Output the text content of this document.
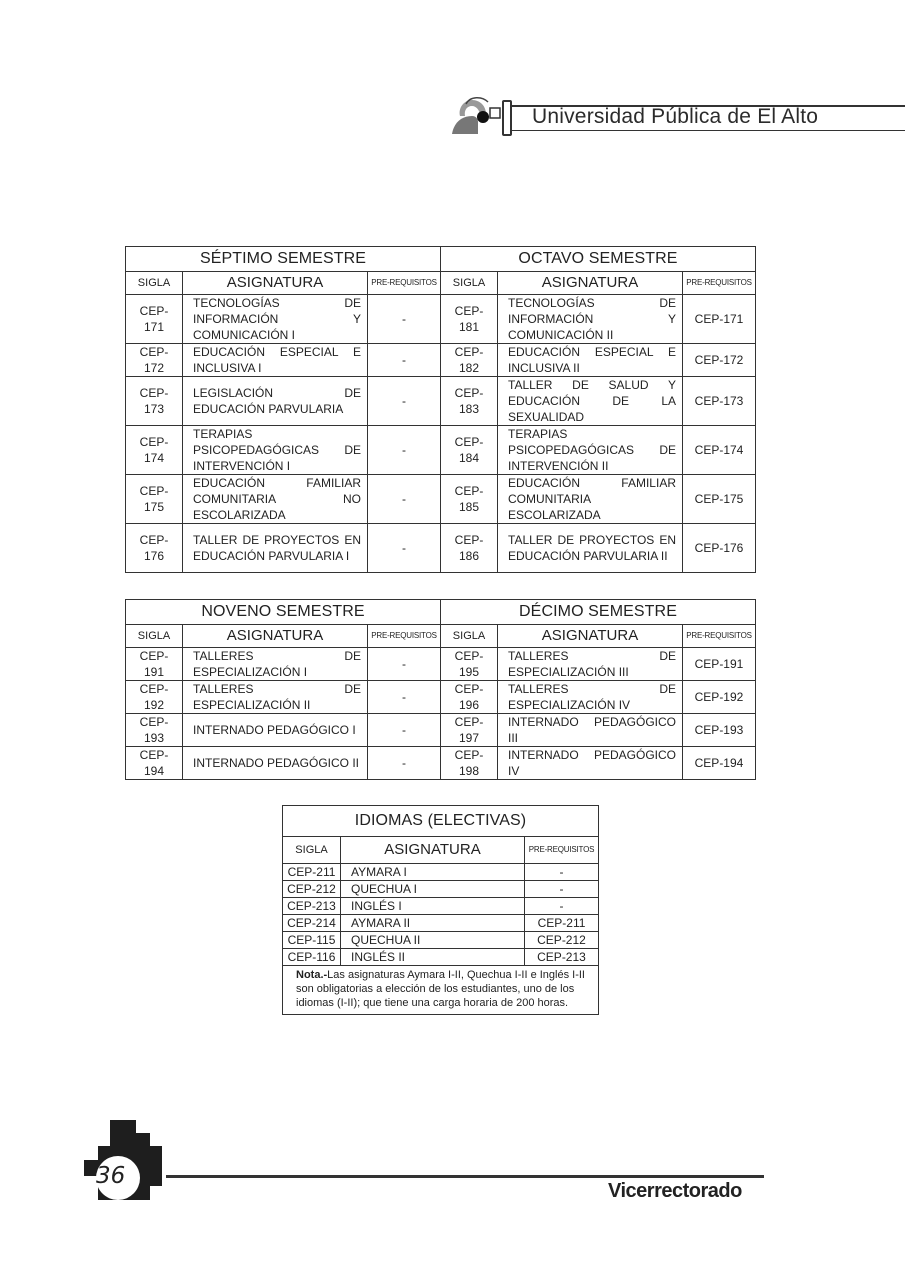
Universidad Pública de El Alto
SÉPTIMO SEMESTRE			OCTAVO SEMESTRE		
SIGLA	ASIGNATURA	PRE-REQUISITOS	SIGLA	ASIGNATURA	PRE-REQUISITOS
CEP-171	TECNOLOGÍAS DE INFORMACIÓN Y COMUNICACIÓN I	-	CEP-181	TECNOLOGÍAS DE INFORMACIÓN Y COMUNICACIÓN II	CEP-171
CEP-172	EDUCACIÓN ESPECIAL E INCLUSIVA I	-	CEP-182	EDUCACIÓN ESPECIAL E INCLUSIVA II	CEP-172
CEP-173	LEGISLACIÓN DE EDUCACIÓN PARVULARIA	-	CEP-183	TALLER DE SALUD Y EDUCACIÓN DE LA SEXUALIDAD	CEP-173
CEP-174	TERAPIAS PSICOPEDAGÓGICAS DE INTERVENCIÓN I	-	CEP-184	TERAPIAS PSICOPEDAGÓGICAS DE INTERVENCIÓN II	CEP-174
CEP-175	EDUCACIÓN FAMILIAR COMUNITARIA NO ESCOLARIZADA	-	CEP-185	EDUCACIÓN FAMILIAR COMUNITARIA ESCOLARIZADA	CEP-175
CEP-176	TALLER DE PROYECTOS EN EDUCACIÓN PARVULARIA I	-	CEP-186	TALLER DE PROYECTOS EN EDUCACIÓN PARVULARIA II	CEP-176
NOVENO SEMESTRE			DÉCIMO SEMESTRE		
SIGLA	ASIGNATURA	PRE-REQUISITOS	SIGLA	ASIGNATURA	PRE-REQUISITOS
CEP-191	TALLERES DE ESPECIALIZACIÓN I	-	CEP-195	TALLERES DE ESPECIALIZACIÓN III	CEP-191
CEP-192	TALLERES DE ESPECIALIZACIÓN II	-	CEP-196	TALLERES DE ESPECIALIZACIÓN IV	CEP-192
CEP-193	INTERNADO PEDAGÓGICO I	-	CEP-197	INTERNADO PEDAGÓGICO III	CEP-193
CEP-194	INTERNADO PEDAGÓGICO II	-	CEP-198	INTERNADO PEDAGÓGICO IV	CEP-194
IDIOMAS (ELECTIVAS)		
SIGLA	ASIGNATURA	PRE-REQUISITOS
CEP-211	AYMARA I	-
CEP-212	QUECHUA I	-
CEP-213	INGLÉS I	-
CEP-214	AYMARA II	CEP-211
CEP-115	QUECHUA II	CEP-212
CEP-116	INGLÉS II	CEP-213
Nota.-Las asignaturas Aymara I-II, Quechua I-II e Inglés I-II son obligatorias a elección de los estudiantes, uno de los idiomas (I-II); que tiene una carga horaria de 200 horas.		
36
Vicerrectorado
